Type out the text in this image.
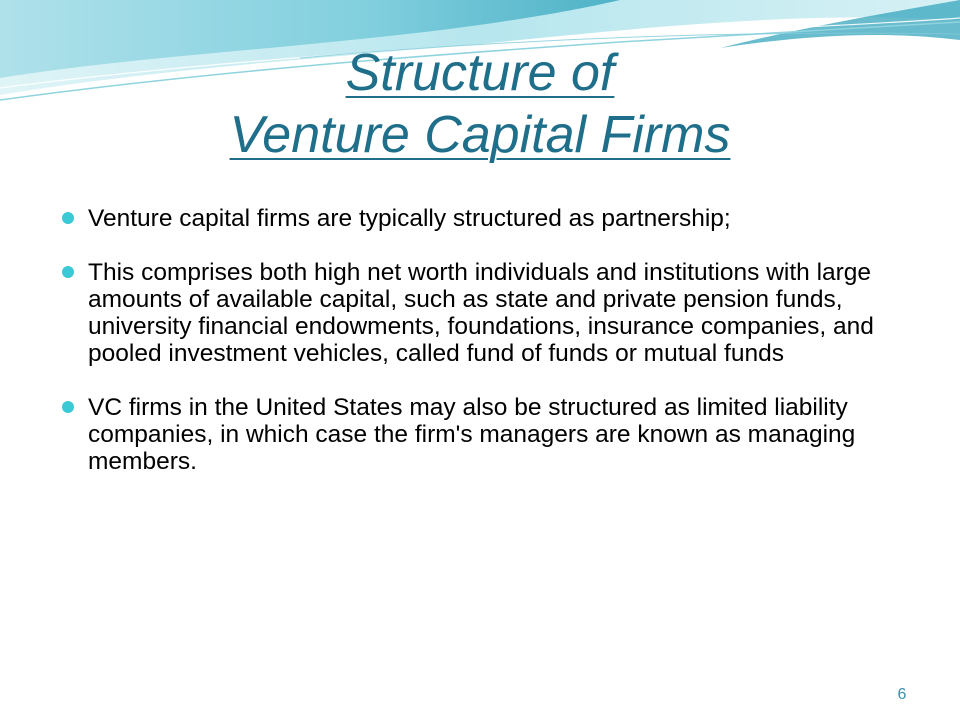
Structure of
Venture Capital Firms
Venture capital firms are typically structured as partnership;
This comprises both high net worth individuals and institutions with large amounts of available capital, such as state and private pension funds, university financial endowments, foundations, insurance companies, and pooled investment vehicles, called fund of funds or mutual funds
VC firms in the United States may also be structured as limited liability companies, in which case the firm's managers are known as managing members.
6
